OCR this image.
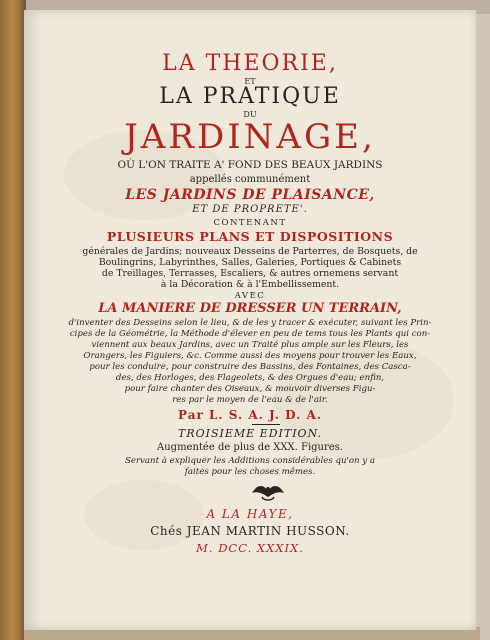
LA THEORIE,
ET
LA PRATIQUE
DU
JARDINAGE,
OÙ L'ON TRAITE A' FOND DES BEAUX JARDINS
appellés communément
LES JARDINS DE PLAISANCE,
ET DE PROPRETE'.
CONTENANT
PLUSIEURS PLANS ET DISPOSITIONS
générales de Jardins; nouveaux Desseins de Parterres, de Bosquets, de
Boulingrins, Labyrinthes, Salles, Galeries, Portiques & Cabinets
de Treillages, Terrasses, Escaliers, & autres ornemens servant
à la Décoration & à l'Embellissement.
AVEC
LA MANIERE DE DRESSER UN TERRAIN,
d'inventer des Desseins selon le lieu, & de les y tracer & exécuter, suivant les Prin-
cipes de la Géométrie, la Méthode d'élever en peu de tems tous les Plants qui con-
viennent aux beaux Jardins, avec un Traité plus ample sur les Fleurs, les
Orangers, les Figuiers, &c. Comme aussi des moyens pour trouver les Eaux,
pour les conduire, pour construire des Bassins, des Fontaines, des Casca-
des, des Horloges, des Flageolets, & des Orgues d'eau; enfin,
pour faire chanter des Oiseaux, & mouvoir diverses Figu-
res par le moyen de l'eau & de l'air.
Par L. S. A. J. D. A.
TROISIEME EDITION.
Augmentée de plus de XXX. Figures.
Servant à expliquer les Additions considérables qu'on y a
faites pour les choses mêmes.
A LA HAYE,
Chés JEAN MARTIN HUSSON.
M. DCC. XXXIX.
